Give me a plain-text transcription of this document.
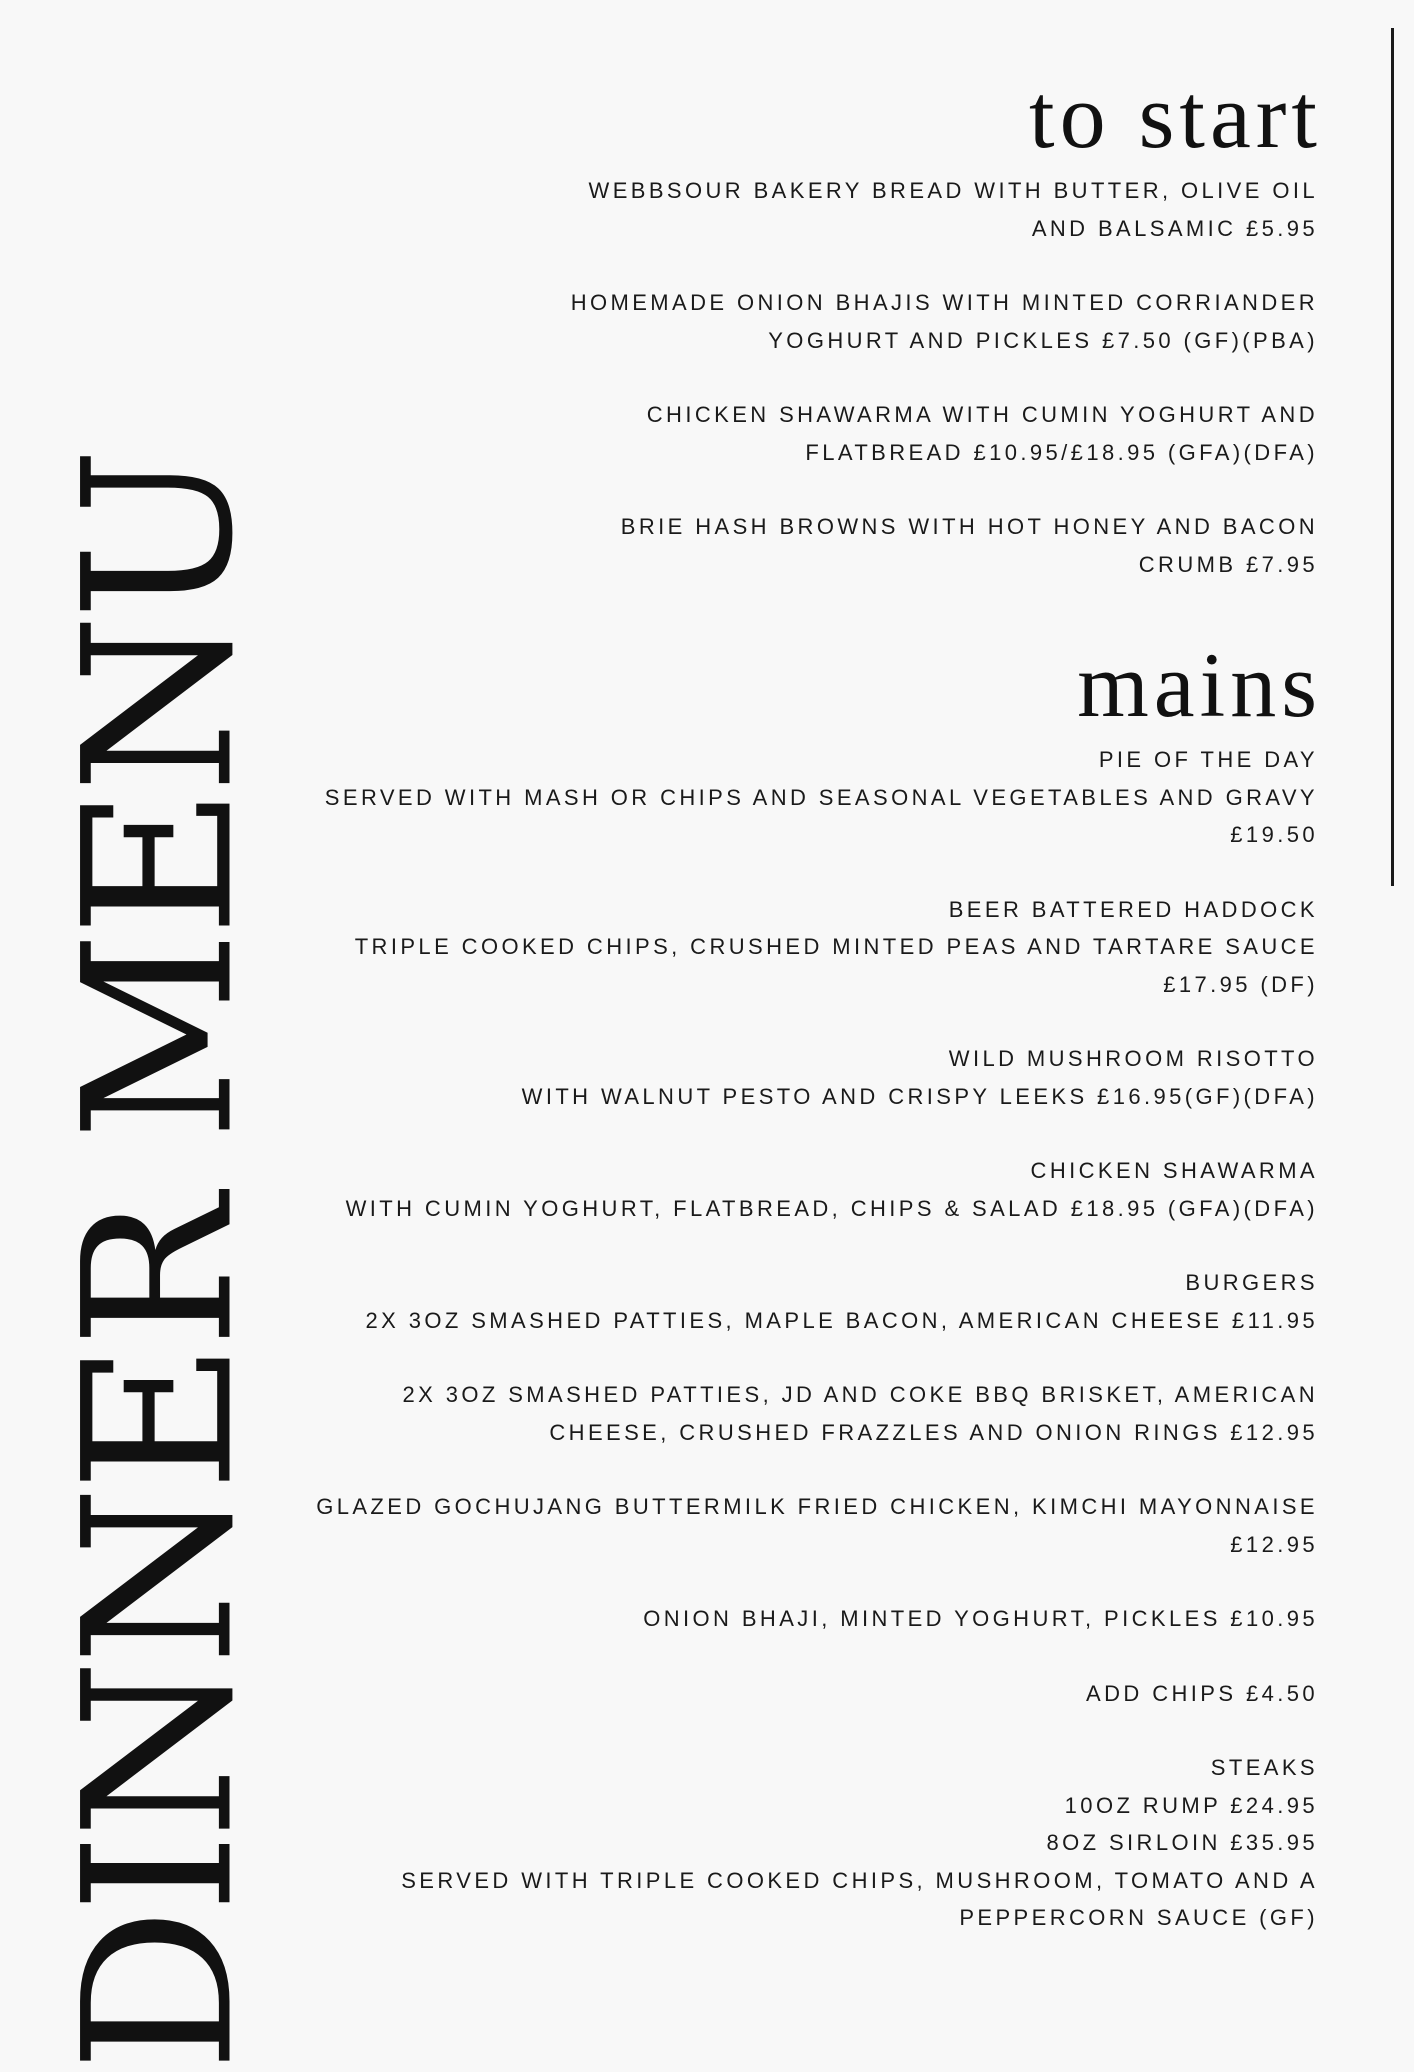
DINNER MENU
to start
WEBBSOUR BAKERY BREAD WITH BUTTER, OLIVE OIL
AND BALSAMIC £5.95
HOMEMADE ONION BHAJIS WITH MINTED CORRIANDER
YOGHURT AND PICKLES £7.50 (GF)(PBA)
CHICKEN SHAWARMA WITH CUMIN YOGHURT AND
FLATBREAD £10.95/£18.95 (GFA)(DFA)
BRIE HASH BROWNS WITH HOT HONEY AND BACON
CRUMB £7.95
mains
PIE OF THE DAY
SERVED WITH MASH OR CHIPS AND SEASONAL VEGETABLES AND GRAVY
£19.50
BEER BATTERED HADDOCK
TRIPLE COOKED CHIPS, CRUSHED MINTED PEAS AND TARTARE SAUCE
£17.95 (DF)
WILD MUSHROOM RISOTTO
WITH WALNUT PESTO AND CRISPY LEEKS £16.95(GF)(DFA)
CHICKEN SHAWARMA
WITH CUMIN YOGHURT, FLATBREAD, CHIPS & SALAD £18.95 (GFA)(DFA)
BURGERS
2X 3OZ SMASHED PATTIES, MAPLE BACON, AMERICAN CHEESE £11.95
2X 3OZ SMASHED PATTIES, JD AND COKE BBQ BRISKET, AMERICAN
CHEESE, CRUSHED FRAZZLES AND ONION RINGS £12.95
GLAZED GOCHUJANG BUTTERMILK FRIED CHICKEN, KIMCHI MAYONNAISE
£12.95
ONION BHAJI, MINTED YOGHURT, PICKLES £10.95
ADD CHIPS £4.50
STEAKS
10OZ RUMP £24.95
8OZ SIRLOIN £35.95
SERVED WITH TRIPLE COOKED CHIPS, MUSHROOM, TOMATO AND A
PEPPERCORN SAUCE (GF)
